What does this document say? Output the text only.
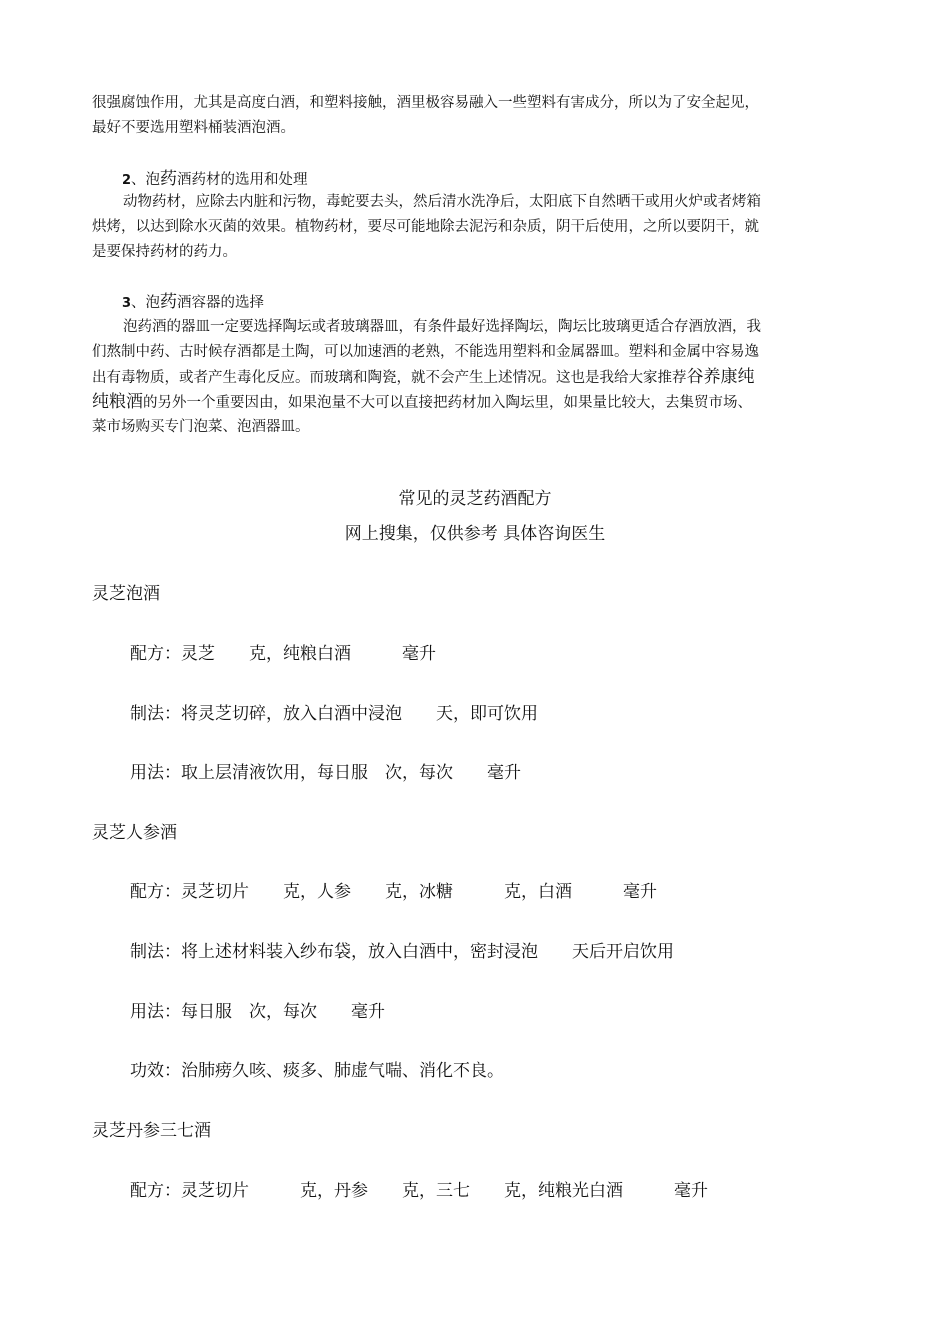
很强腐蚀作用，尤其是高度白酒，和塑料接触，酒里极容易融入一些塑料有害成分，所以为了安全起见，
最好不要选用塑料桶装酒泡酒。
2、泡药酒药材的选用和处理
动物药材，应除去内脏和污物，毒蛇要去头，然后清水洗净后，太阳底下自然晒干或用火炉或者烤箱
烘烤，以达到除水灭菌的效果。植物药材，要尽可能地除去泥污和杂质，阴干后使用，之所以要阴干，就
是要保持药材的药力。
3、泡药酒容器的选择
泡药酒的器皿一定要选择陶坛或者玻璃器皿，有条件最好选择陶坛，陶坛比玻璃更适合存酒放酒，我
们熬制中药、古时候存酒都是土陶，可以加速酒的老熟，不能选用塑料和金属器皿。塑料和金属中容易逸
出有毒物质，或者产生毒化反应。而玻璃和陶瓷，就不会产生上述情况。这也是我给大家推荐谷养康纯
纯粮酒的另外一个重要因由，如果泡量不大可以直接把药材加入陶坛里，如果量比较大，去集贸市场、
菜市场购买专门泡菜、泡酒器皿。
常见的灵芝药酒配方
网上搜集，仅供参考 具体咨询医生
灵芝泡酒
配方：灵芝　　克，纯粮白酒　　　毫升
制法：将灵芝切碎，放入白酒中浸泡　　天，即可饮用
用法：取上层清液饮用，每日服　次，每次　　毫升
灵芝人参酒
配方：灵芝切片　　克，人参　　克，冰糖　　　克，白酒　　　毫升
制法：将上述材料装入纱布袋，放入白酒中，密封浸泡　　天后开启饮用
用法：每日服　次，每次　　毫升
功效：治肺痨久咳、痰多、肺虚气喘、消化不良。
灵芝丹参三七酒
配方：灵芝切片　　　克，丹参　　克，三七　　克，纯粮光白酒　　　毫升
